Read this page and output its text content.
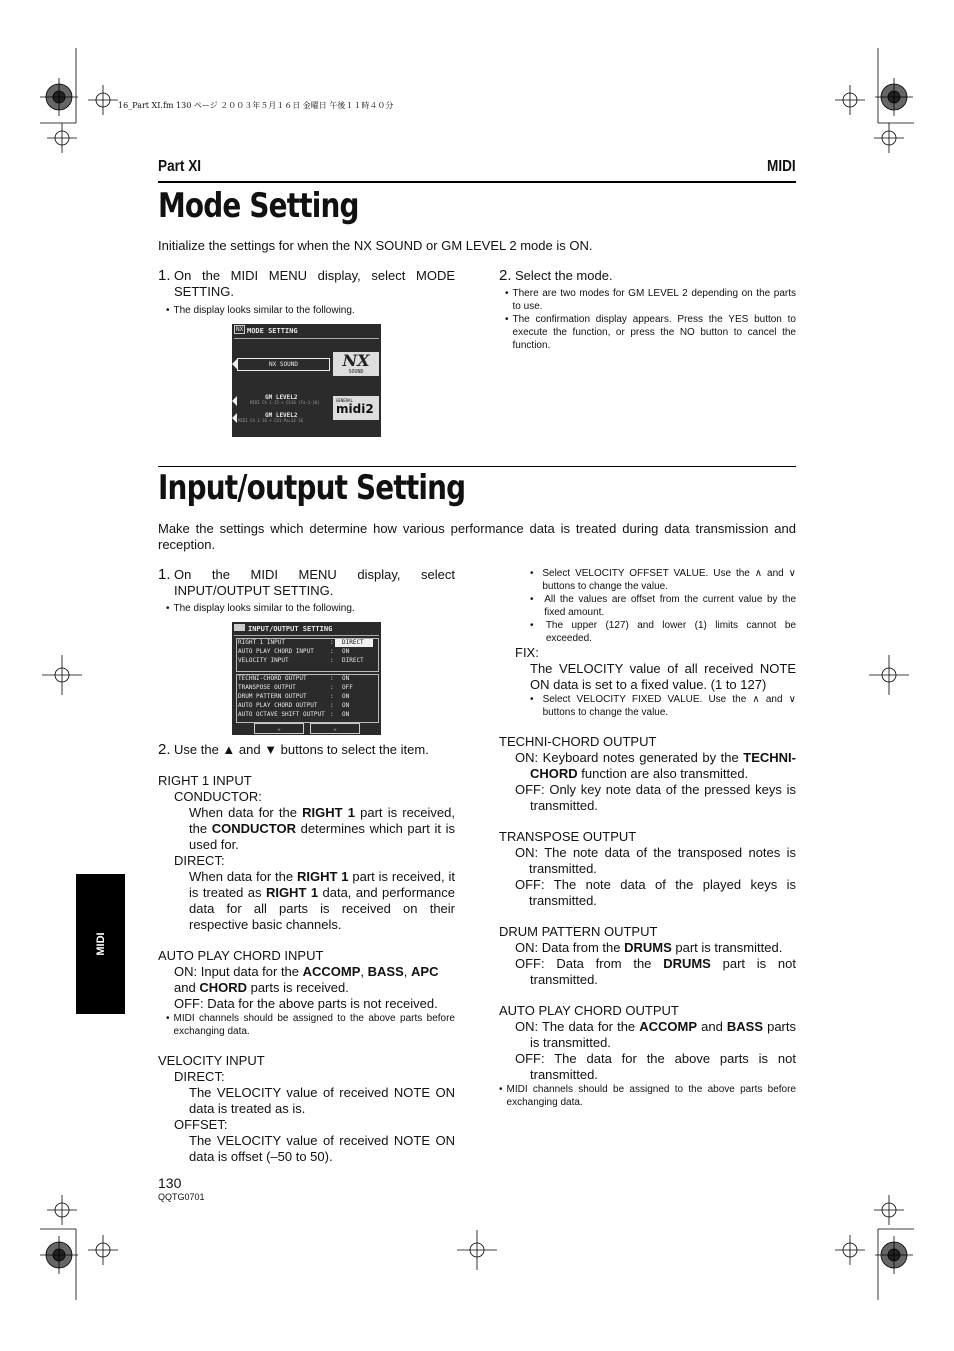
16_Part XI.fm 130 ページ ２００３年５月１６日 金曜日 午後１１時４０分
Part XI	MIDI
Mode Setting
Initialize the settings for when the NX SOUND or GM LEVEL 2 mode is ON.
1. On the MIDI MENU display, select MODE SETTING.
• The display looks similar to the following.
NX MODE SETTING
NX SOUND	NX
SOUND
GM LEVEL2
MIDI Ch 1-15 + Ch16 (Fa-1-16)
GM LEVEL2
MIDI Ch 1-16 + Ch1-Pa=14-16
GENERAL
midi2
2. Select the mode.
• There are two modes for GM LEVEL 2 depending on the parts to use.
• The confirmation display appears. Press the YES button to execute the function, or press the NO button to cancel the function.
Input/output Setting
Make the settings which determine how various performance data is treated during data transmission and reception.
1. On the MIDI MENU display, select INPUT/OUTPUT SETTING.
• The display looks similar to the following.
INPUT/OUTPUT SETTING
RIGHT 1 INPUT	: DIRECT
AUTO PLAY CHORD INPUT	: ON
VELOCITY INPUT	: DIRECT
TECHNI-CHORD OUTPUT	: ON
TRANSPOSE OUTPUT	: OFF
DRUM PATTERN OUTPUT	: ON
AUTO PLAY CHORD OUTPUT : ON
AUTO OCTAVE SHIFT OUTPUT : ON
⌄	⌄
2. Use the ▲ and ▼ buttons to select the item.
RIGHT 1 INPUT
CONDUCTOR:
When data for the RIGHT 1 part is received, the CONDUCTOR determines which part it is used for.
DIRECT:
When data for the RIGHT 1 part is received, it is treated as RIGHT 1 data, and performance data for all parts is received on their respective basic channels.
AUTO PLAY CHORD INPUT
ON: Input data for the ACCOMP, BASS, APC and CHORD parts is received.
OFF: Data for the above parts is not received.
• MIDI channels should be assigned to the above parts before exchanging data.
VELOCITY INPUT
DIRECT:
The VELOCITY value of received NOTE ON data is treated as is.
OFFSET:
The VELOCITY value of received NOTE ON data is offset (–50 to 50).
130
QQTG0701
• Select VELOCITY OFFSET VALUE. Use the ∧ and ∨ buttons to change the value.
•	All the values are offset from the current value by the fixed amount.
•	The upper (127) and lower (1) limits cannot be exceeded.
FIX:
The VELOCITY value of all received NOTE ON data is set to a fixed value. (1 to 127)
• Select VELOCITY FIXED VALUE. Use the ∧ and ∨ buttons to change the value.
TECHNI-CHORD OUTPUT
ON: Keyboard notes generated by the TECHNI-CHORD function are also transmitted.
OFF: Only key note data of the pressed keys is transmitted.
TRANSPOSE OUTPUT
ON: The note data of the transposed notes is transmitted.
OFF: The note data of the played keys is transmitted.
DRUM PATTERN OUTPUT
ON: Data from the DRUMS part is transmitted.
OFF: Data from the DRUMS part is not transmitted.
AUTO PLAY CHORD OUTPUT
ON: The data for the ACCOMP and BASS parts is transmitted.
OFF: The data for the above parts is not transmitted.
• MIDI channels should be assigned to the above parts before exchanging data.
MIDI
